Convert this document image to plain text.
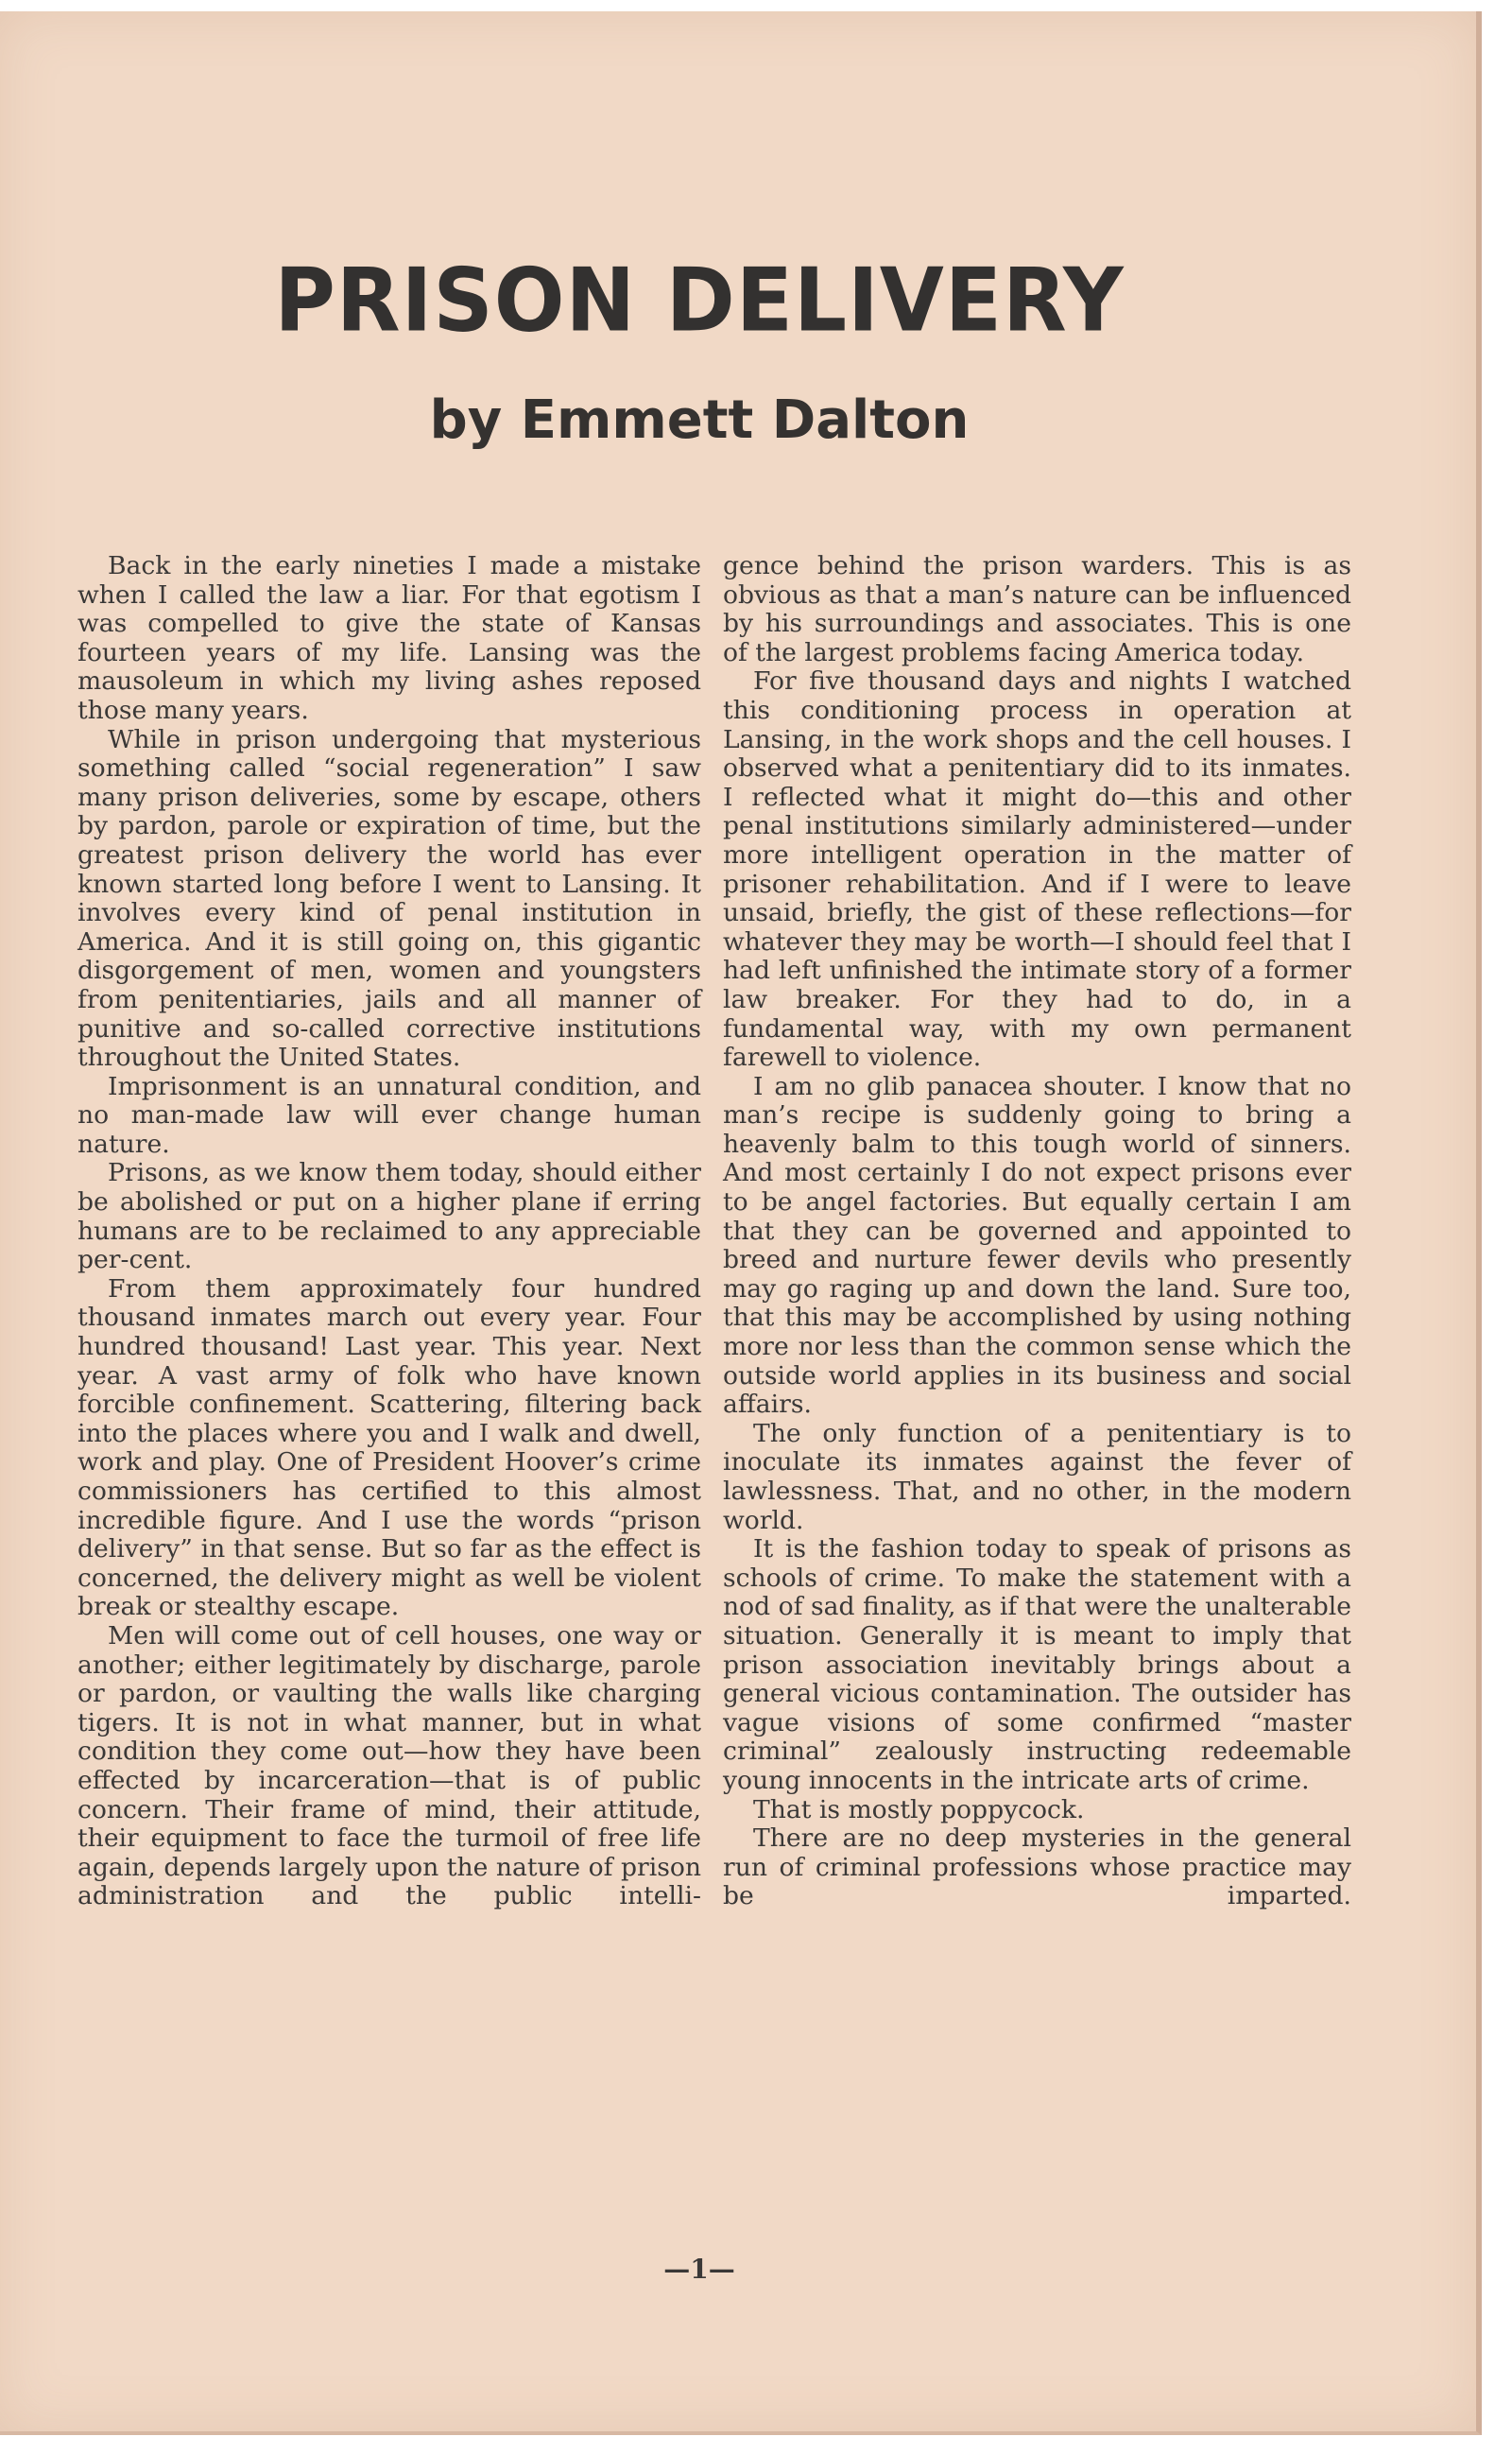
PRISON DELIVERY
by Emmett Dalton

Back in the early nineties I made a mistake when I called the law a liar. For that egotism I was compelled to give the state of Kansas fourteen years of my life. Lansing was the mausoleum in which my living ashes reposed those many years.

While in prison undergoing that mysterious something called “social regeneration” I saw many prison deliveries, some by escape, others by pardon, parole or expiration of time, but the greatest prison delivery the world has ever known started long before I went to Lansing. It involves every kind of penal institution in America. And it is still going on, this gigantic disgorgement of men, women and youngsters from penitentiaries, jails and all manner of punitive and so-called corrective institutions throughout the United States.

Imprisonment is an unnatural condition, and no man-made law will ever change human nature.

Prisons, as we know them today, should either be abolished or put on a higher plane if erring humans are to be reclaimed to any appreciable per-cent.

From them approximately four hundred thousand inmates march out every year. Four hundred thousand! Last year. This year. Next year. A vast army of folk who have known forcible confinement. Scattering, filtering back into the places where you and I walk and dwell, work and play. One of President Hoover’s crime commissioners has certified to this almost incredible figure. And I use the words “prison delivery” in that sense. But so far as the effect is concerned, the delivery might as well be violent break or stealthy escape.

Men will come out of cell houses, one way or another; either legitimately by discharge, parole or pardon, or vaulting the walls like charging tigers. It is not in what manner, but in what condition they come out—how they have been effected by incarceration—that is of public concern. Their frame of mind, their attitude, their equipment to face the turmoil of free life again, depends largely upon the nature of prison administration and the public intelli-

gence behind the prison warders. This is as obvious as that a man’s nature can be influenced by his surroundings and associates. This is one of the largest problems facing America today.

For five thousand days and nights I watched this conditioning process in operation at Lansing, in the work shops and the cell houses. I observed what a penitentiary did to its inmates. I reflected what it might do—this and other penal institutions similarly administered—under more intelligent operation in the matter of prisoner rehabilitation. And if I were to leave unsaid, briefly, the gist of these reflections—for whatever they may be worth—I should feel that I had left unfinished the intimate story of a former law breaker. For they had to do, in a fundamental way, with my own permanent farewell to violence.

I am no glib panacea shouter. I know that no man’s recipe is suddenly going to bring a heavenly balm to this tough world of sinners. And most certainly I do not expect prisons ever to be angel factories. But equally certain I am that they can be governed and appointed to breed and nurture fewer devils who presently may go raging up and down the land. Sure too, that this may be accomplished by using nothing more nor less than the common sense which the outside world applies in its business and social affairs.

The only function of a penitentiary is to inoculate its inmates against the fever of lawlessness. That, and no other, in the modern world.

It is the fashion today to speak of prisons as schools of crime. To make the statement with a nod of sad finality, as if that were the unalterable situation. Generally it is meant to imply that prison association inevitably brings about a general vicious contamination. The outsider has vague visions of some confirmed “master criminal” zealously instructing redeemable young innocents in the intricate arts of crime.

That is mostly poppycock.

There are no deep mysteries in the general run of criminal professions whose practice may be imparted.

—1—
